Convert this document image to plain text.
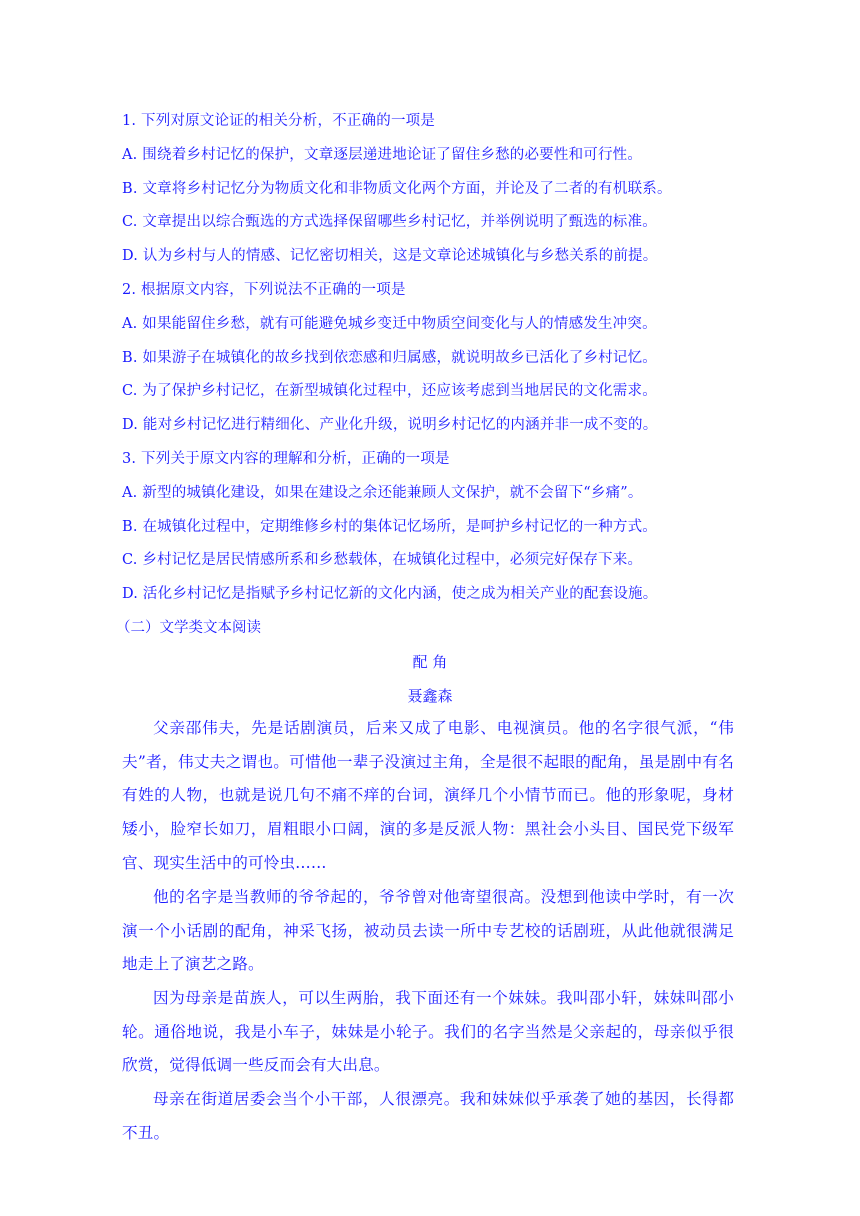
1. 下列对原文论证的相关分析，不正确的一项是
A. 围绕着乡村记忆的保护，文章逐层递进地论证了留住乡愁的必要性和可行性。
B. 文章将乡村记忆分为物质文化和非物质文化两个方面，并论及了二者的有机联系。
C. 文章提出以综合甄选的方式选择保留哪些乡村记忆，并举例说明了甄选的标准。
D. 认为乡村与人的情感、记忆密切相关，这是文章论述城镇化与乡愁关系的前提。
2. 根据原文内容，下列说法不正确的一项是
A. 如果能留住乡愁，就有可能避免城乡变迁中物质空间变化与人的情感发生冲突。
B. 如果游子在城镇化的故乡找到依恋感和归属感，就说明故乡已活化了乡村记忆。
C. 为了保护乡村记忆，在新型城镇化过程中，还应该考虑到当地居民的文化需求。
D. 能对乡村记忆进行精细化、产业化升级，说明乡村记忆的内涵并非一成不变的。
3. 下列关于原文内容的理解和分析，正确的一项是
A. 新型的城镇化建设，如果在建设之余还能兼顾人文保护，就不会留下“乡痛”。
B. 在城镇化过程中，定期维修乡村的集体记忆场所，是呵护乡村记忆的一种方式。
C. 乡村记忆是居民情感所系和乡愁载体，在城镇化过程中，必须完好保存下来。
D. 活化乡村记忆是指赋予乡村记忆新的文化内涵，使之成为相关产业的配套设施。
（二）文学类文本阅读
配 角
聂鑫森

父亲邵伟夫，先是话剧演员，后来又成了电影、电视演员。他的名字很气派，“伟夫”者，伟丈夫之谓也。可惜他一辈子没演过主角，全是很不起眼的配角，虽是剧中有名有姓的人物，也就是说几句不痛不痒的台词，演绎几个小情节而已。他的形象呢，身材矮小，脸窄长如刀，眉粗眼小口阔，演的多是反派人物：黑社会小头目、国民党下级军官、现实生活中的可怜虫……

他的名字是当教师的爷爷起的，爷爷曾对他寄望很高。没想到他读中学时，有一次演一个小话剧的配角，神采飞扬，被动员去读一所中专艺校的话剧班，从此他就很满足地走上了演艺之路。

因为母亲是苗族人，可以生两胎，我下面还有一个妹妹。我叫邵小轩，妹妹叫邵小轮。通俗地说，我是小车子，妹妹是小轮子。我们的名字当然是父亲起的，母亲似乎很欣赏，觉得低调一些反而会有大出息。

母亲在街道居委会当个小干部，人很漂亮。我和妹妹似乎承袭了她的基因，长得都不丑。
